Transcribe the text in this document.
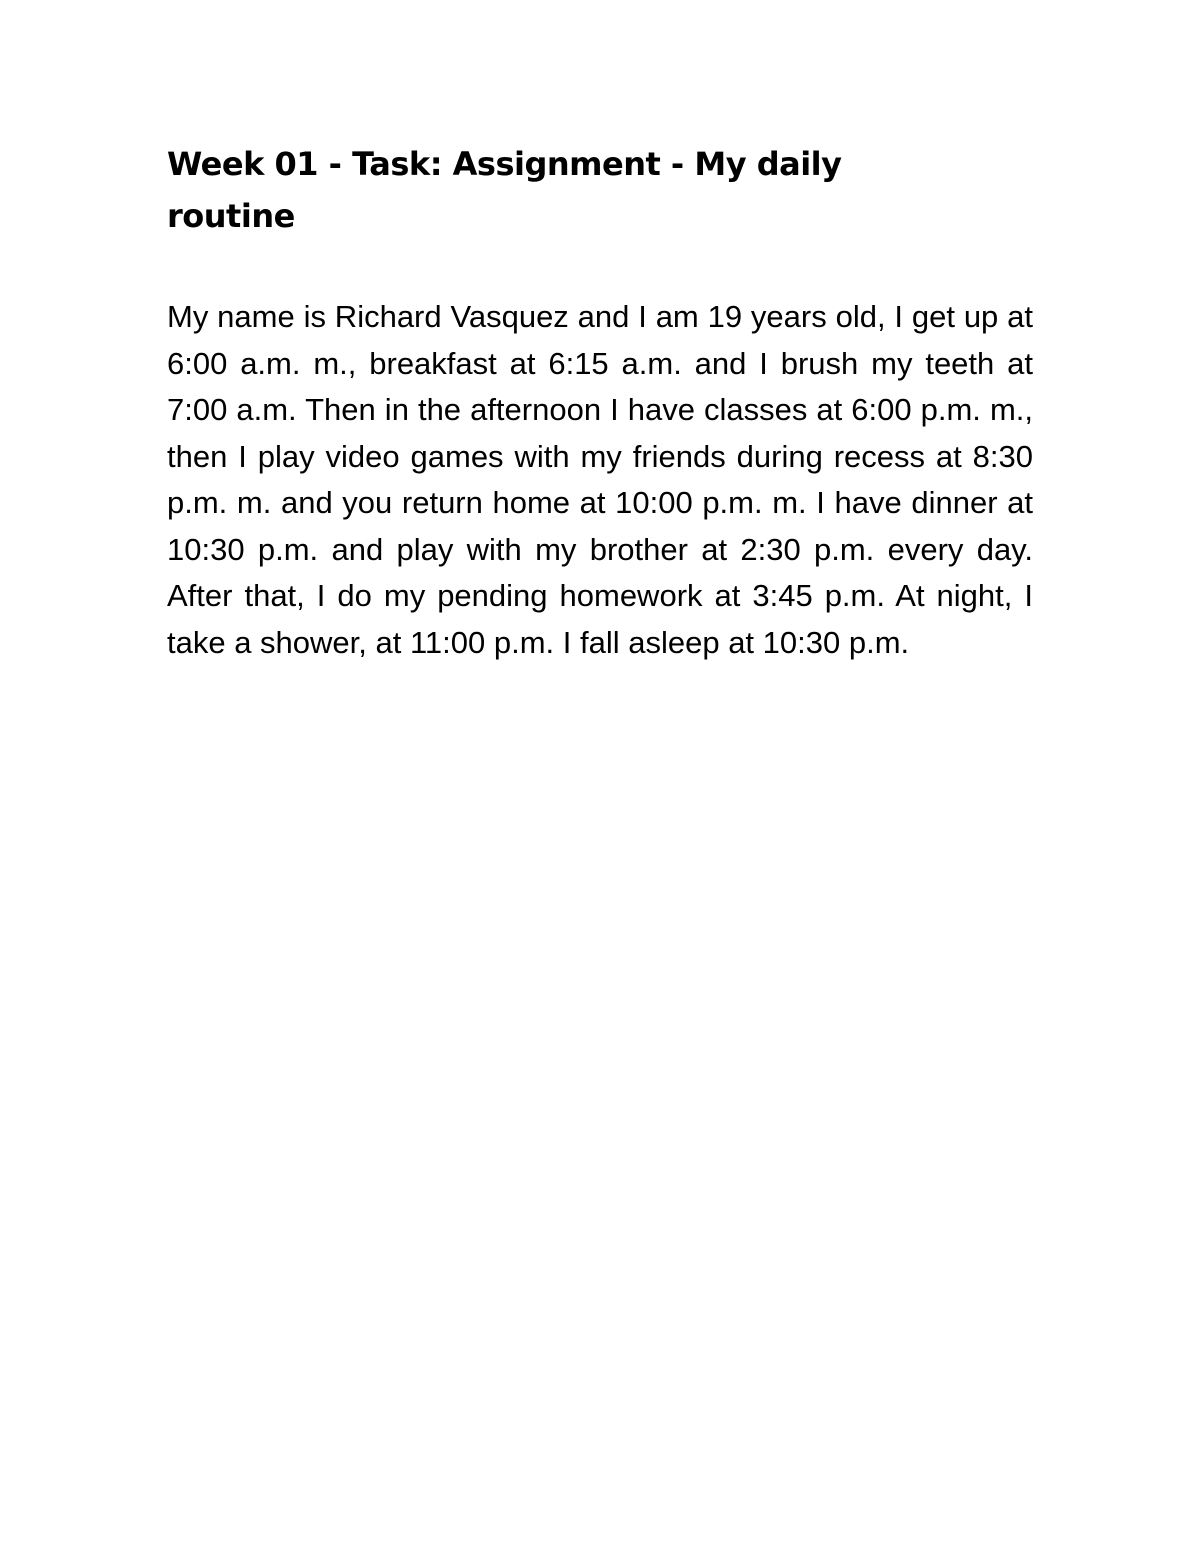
Week 01 - Task: Assignment - My daily routine

My name is Richard Vasquez and I am 19 years old, I get up at 6:00 a.m. m., breakfast at 6:15 a.m. and I brush my teeth at 7:00 a.m. Then in the afternoon I have classes at 6:00 p.m. m., then I play video games with my friends during recess at 8:30 p.m. m. and you return home at 10:00 p.m. m. I have dinner at 10:30 p.m. and play with my brother at 2:30 p.m. every day. After that, I do my pending homework at 3:45 p.m. At night, I take a shower, at 11:00 p.m. I fall asleep at 10:30 p.m.
